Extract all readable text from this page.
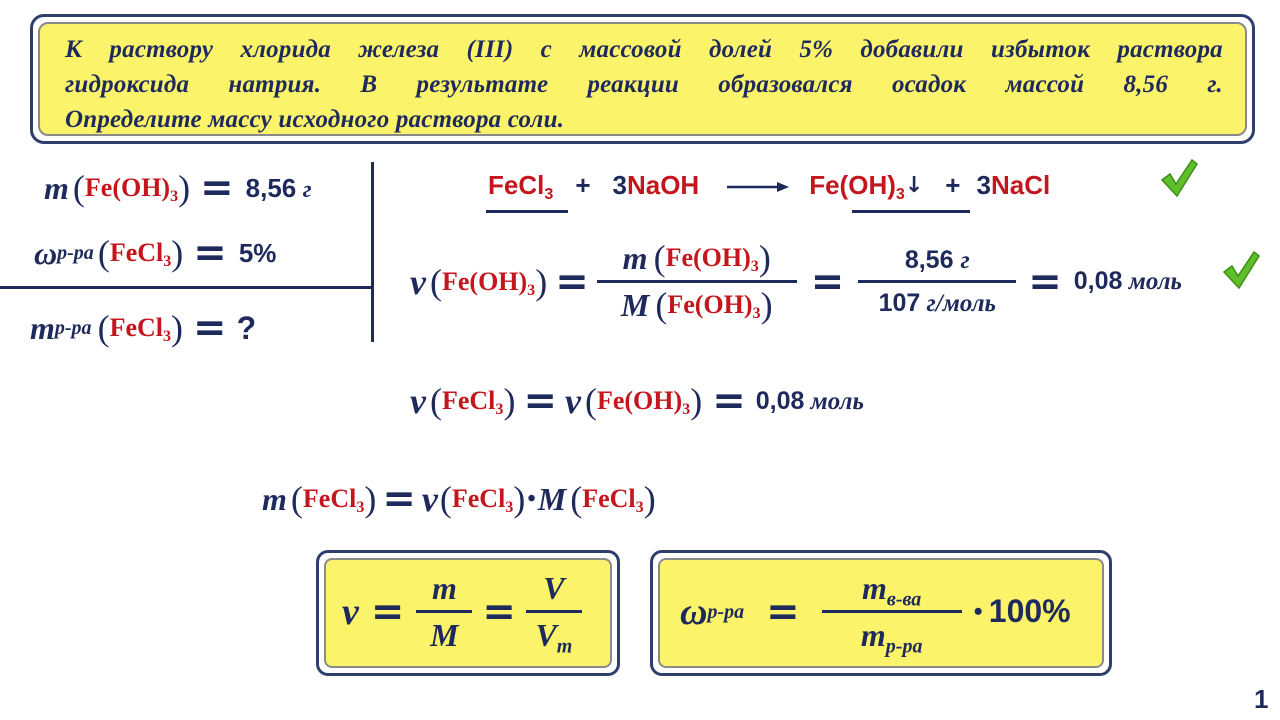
К раствору хлорида железа (III) с массовой долей 5% добавили избыток раствора
гидроксида натрия. В результате реакции образовался осадок массой 8,56 г.
Определите массу исходного раствора соли.
m ( $Fe(OH)_3$ ) = 8,56 г
ω р-ра ( FeCl$_3$ ) = 5%
m р-ра ( FeCl$_3$ ) = ?
FeCl$_3$ + 3 NaOH → $Fe(OH)_3$ ↓ + 3 NaCl
ν ( $Fe(OH)_3$ ) = $\frac{m ( Fe(OH)_3 )}{M ( Fe(OH)_3 )} = \frac{8,56 г}{\text{107 г/моль}} = 0,08$ моль
ν ( FeCl$_3$ ) = ν ( $Fe(OH)_3$ ) = 0,08 моль
m ( FeCl$_3$ ) = ν ( FeCl$_3$ ) • M ( FeCl$_3$ )
$\nu = \frac{m}{M} = \frac{V}{V_m}$	ω $р-ра = \frac{m_{в-ва}}{m_{р-ра}}$ • 100%
1
